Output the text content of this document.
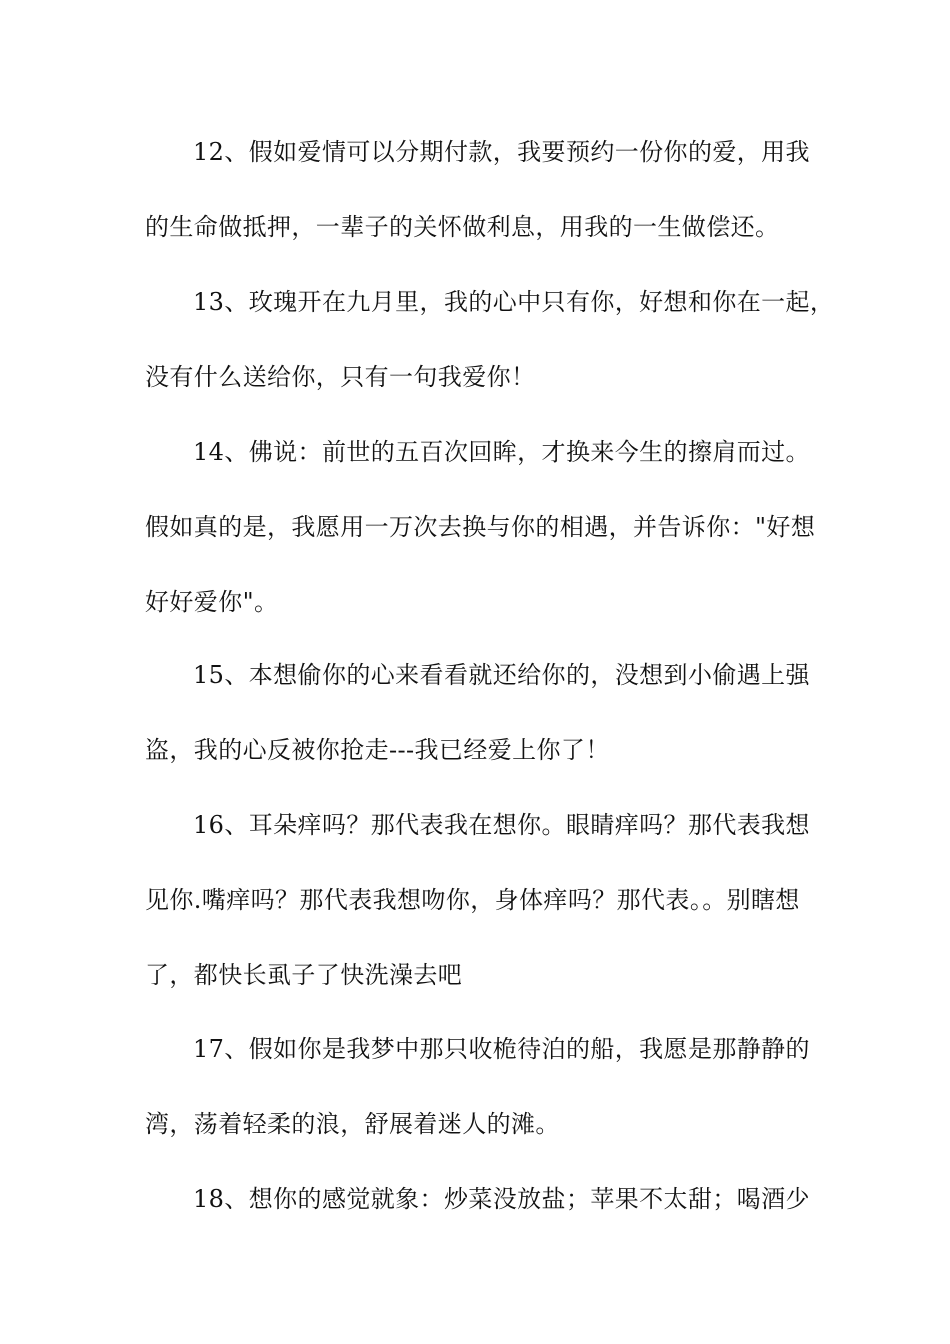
12、假如爱情可以分期付款，我要预约一份你的爱，用我
的生命做抵押，一辈子的关怀做利息，用我的一生做偿还。
13、玫瑰开在九月里，我的心中只有你，好想和你在一起，
没有什么送给你，只有一句我爱你！
14、佛说：前世的五百次回眸，才换来今生的擦肩而过。
假如真的是，我愿用一万次去换与你的相遇，并告诉你："好想
好好爱你"。
15、本想偷你的心来看看就还给你的，没想到小偷遇上强
盗，我的心反被你抢走---我已经爱上你了！
16、耳朵痒吗？那代表我在想你。眼睛痒吗？那代表我想
见你.嘴痒吗？那代表我想吻你，身体痒吗？那代表。。别瞎想
了，都快长虱子了快洗澡去吧
17、假如你是我梦中那只收桅待泊的船，我愿是那静静的
湾，荡着轻柔的浪，舒展着迷人的滩。
18、想你的感觉就象：炒菜没放盐；苹果不太甜；喝酒少
